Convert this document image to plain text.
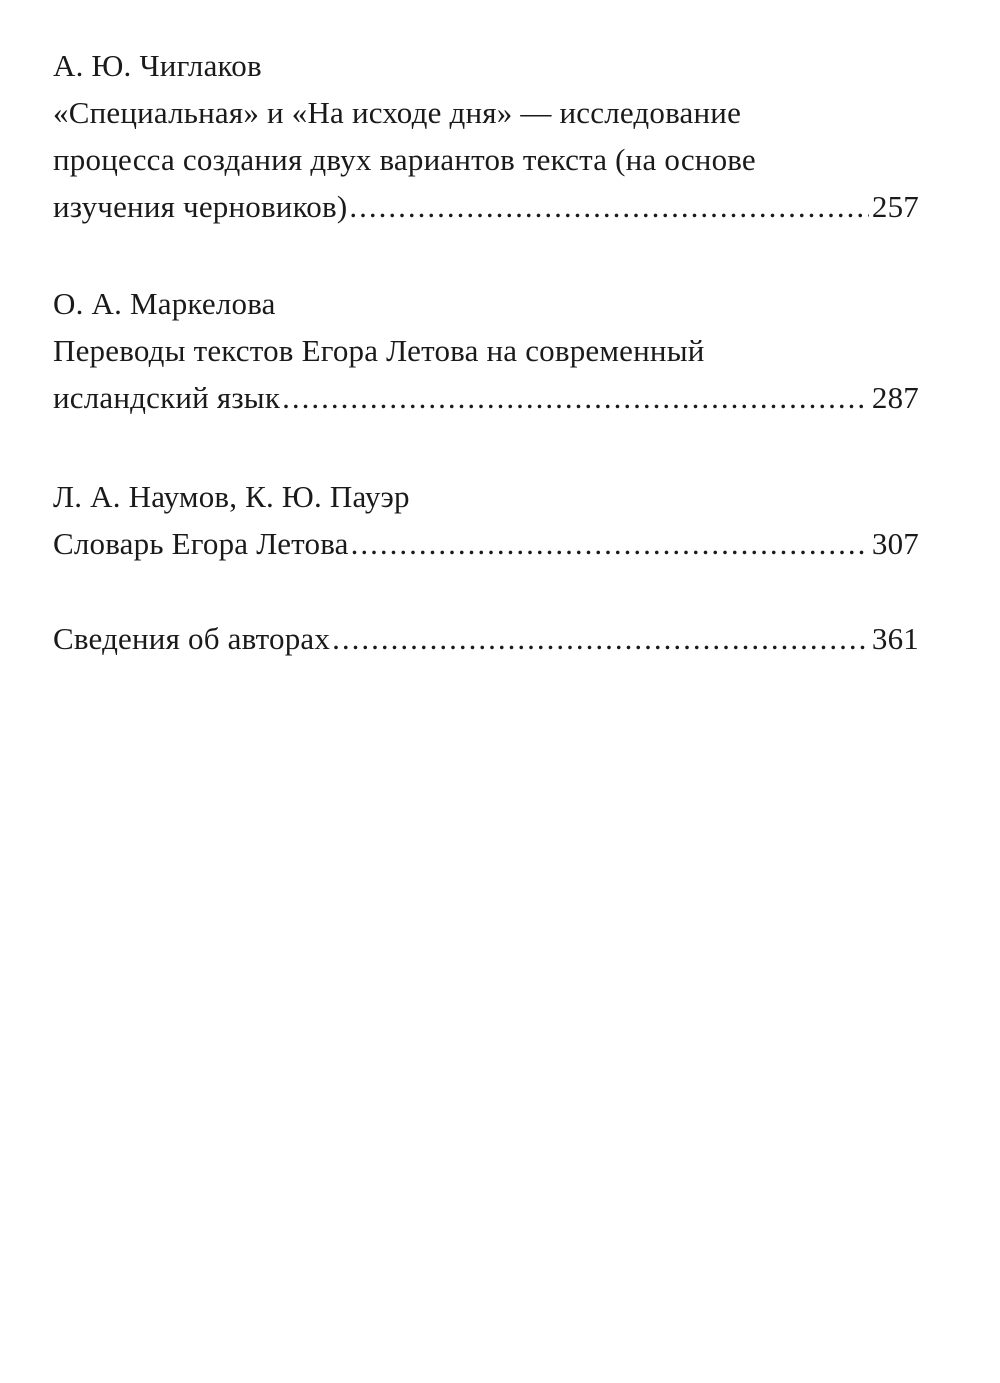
А. Ю. Чиглаков
«Специальная» и «На исходе дня» — исследование
процесса создания двух вариантов текста (на основе
изучения черновиков) .....	257
О. А. Маркелова
Переводы текстов Егора Летова на современный
исландский язык .....	287
Л. А. Наумов, К. Ю. Пауэр
Словарь Егора Летова .....	307
Сведения об авторах .....	361
